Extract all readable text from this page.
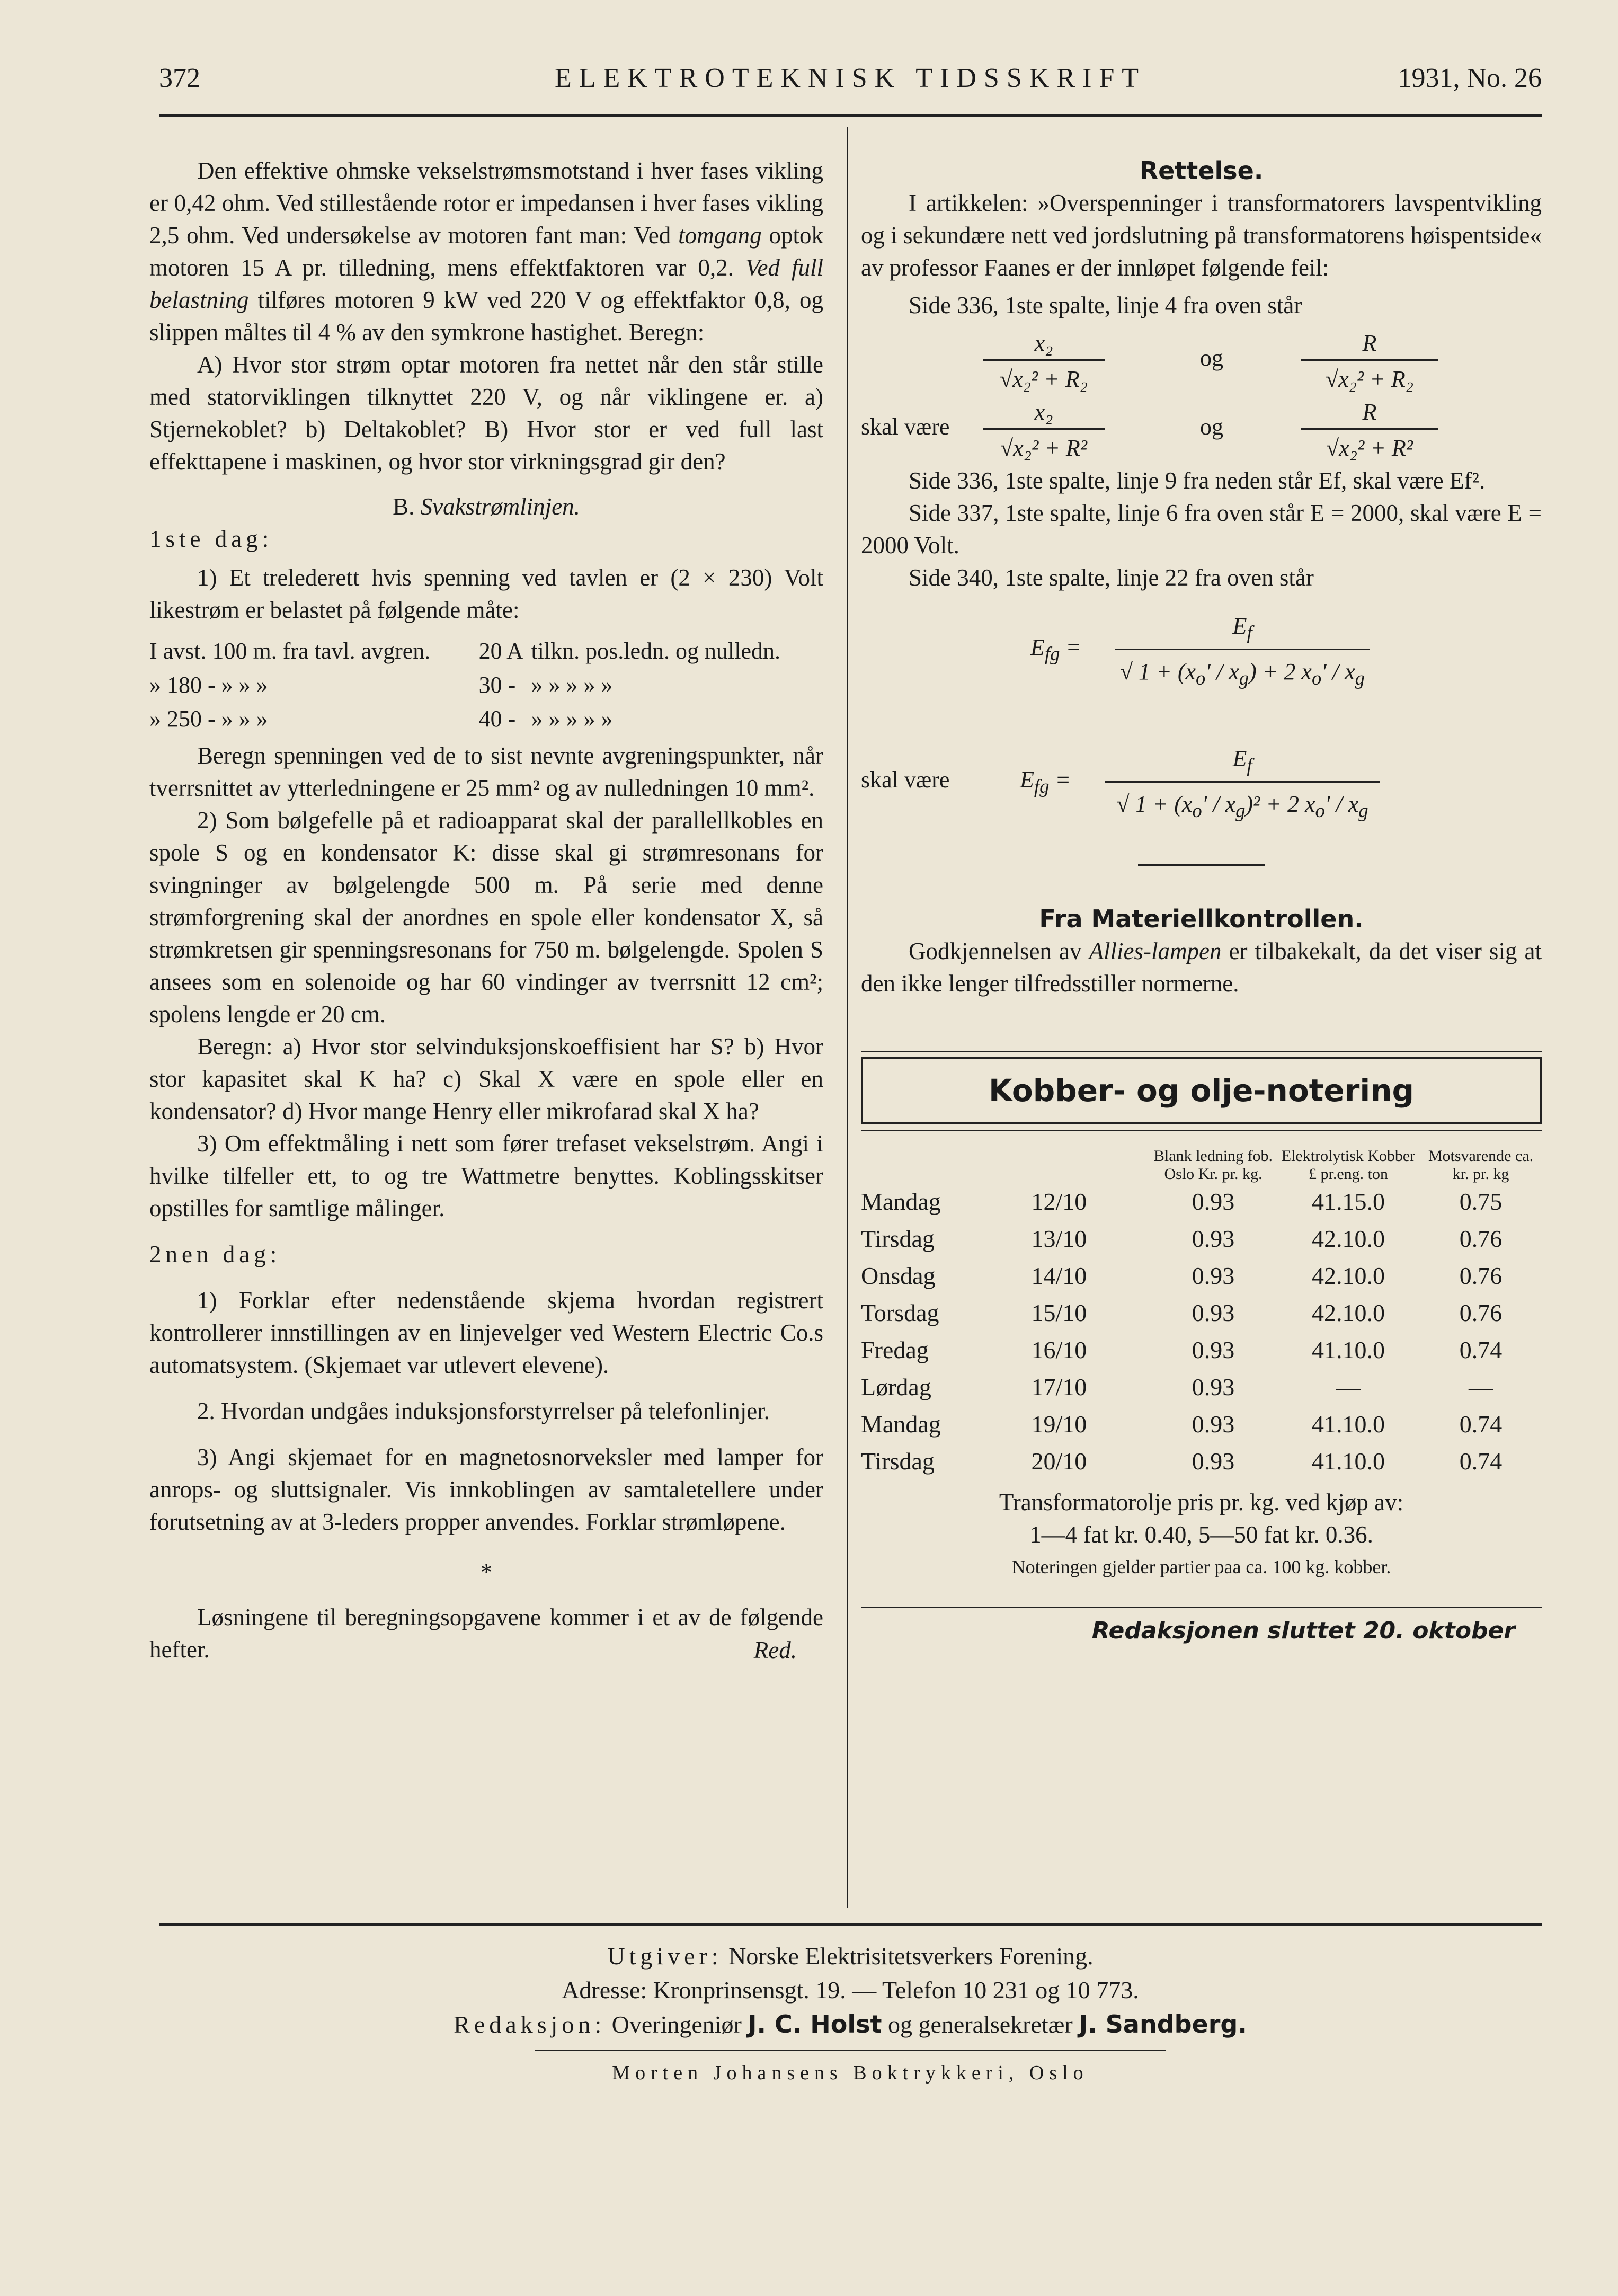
372	ELEKTROTEKNISK TIDSSKRIFT	1931, No. 26

Den effektive ohmske vekselstrømsmotstand i hver fases vikling er 0,42 ohm. Ved stillestående rotor er impedansen i hver fases vikling 2,5 ohm. Ved undersøkelse av motoren fant man: Ved tomgang optok motoren 15 A pr. tilledning, mens effektfaktoren var 0,2. Ved full belastning tilføres motoren 9 kW ved 220 V og effektfaktor 0,8, og slippen måltes til 4 % av den symkrone hastighet. Beregn:

A) Hvor stor strøm optar motoren fra nettet når den står stille med statorviklingen tilknyttet 220 V, og når viklingene er. a) Stjernekoblet? b) Deltakoblet? B) Hvor stor er ved full last effekttapene i maskinen, og hvor stor virkningsgrad gir den?

B. Svakstrømlinjen.

1ste dag:

1) Et trelederett hvis spenning ved tavlen er (2 × 230) Volt likestrøm er belastet på følgende måte:

I avst. 100 m. fra tavl. avgren.	20 A	tilkn. pos.ledn. og nulledn.
» 180 - » » »	30 -	» » » » »
» 250 - » » »	40 -	» » » » »

Beregn spenningen ved de to sist nevnte avgreningspunkter, når tverrsnittet av ytterledningene er 25 mm² og av nulledningen 10 mm².

2) Som bølgefelle på et radioapparat skal der parallellkobles en spole S og en kondensator K: disse skal gi strømresonans for svingninger av bølgelengde 500 m. På serie med denne strømforgrening skal der anordnes en spole eller kondensator X, så strømkretsen gir spenningsresonans for 750 m. bølgelengde. Spolen S ansees som en solenoide og har 60 vindinger av tverrsnitt 12 cm²; spolens lengde er 20 cm.

Beregn: a) Hvor stor selvinduksjonskoeffisient har S? b) Hvor stor kapasitet skal K ha? c) Skal X være en spole eller en kondensator? d) Hvor mange Henry eller mikrofarad skal X ha?

3) Om effektmåling i nett som fører trefaset vekselstrøm. Angi i hvilke tilfeller ett, to og tre Wattmetre benyttes. Koblingsskitser opstilles for samtlige målinger.

2nen dag:

1) Forklar efter nedenstående skjema hvordan registrert kontrollerer innstillingen av en linjevelger ved Western Electric Co.s automatsystem. (Skjemaet var utlevert elevene).

2. Hvordan undgåes induksjonsforstyrrelser på telefonlinjer.

3) Angi skjemaet for en magnetosnorveksler med lamper for anrops- og sluttsignaler. Vis innkoblingen av samtaletellere under forutsetning av at 3-leders propper anvendes. Forklar strømløpene.

*

Løsningene til beregningsopgavene kommer i et av de følgende hefter.	Red.

Rettelse.

I artikkelen: »Overspenninger i transformatorers lavspentvikling og i sekundære nett ved jordslutning på transformatorens høispentside« av professor Faanes er der innløpet følgende feil:

Side 336, 1ste spalte, linje 4 fra oven står

$\frac{\text{x₂}}{\text{√x₂² + R₂}}$	og	$\frac{R}{\text{√x₂² + R₂}}$
skal være $\frac{\text{x₂}}{\text{√x₂² + R²}}$	og	$\frac{R}{\text{√x₂² + R²}}$

Side 336, 1ste spalte, linje 9 fra neden står Ef, skal være Ef².

Side 337, 1ste spalte, linje 6 fra oven står E = 2000, skal være E = 2000 Volt.

Side 340, 1ste spalte, linje 22 fra oven står

$E_{fg} = \frac{E_f}{√ 1 + (x_o' / x_g) + 2 x_o' / x_g}$
skal være	$E_{fg} = \frac{E_f}{√ 1 + (x_o' / x_g)^2 + 2 x_o' / x_g}$

Fra Materiellkontrollen.

Godkjennelsen av Allies-lampen er tilbakekalt, da det viser sig at den ikke lenger tilfredsstiller normerne.

Kobber- og olje-notering
		Blank ledning fob. Oslo Kr. pr. kg.	Elektrolytisk Kobber £ pr.eng. ton	Motsvarende ca. kr. pr. kg
Mandag	12/10	0.93	41.15.0	0.75
Tirsdag	13/10	0.93	42.10.0	0.76
Onsdag	14/10	0.93	42.10.0	0.76
Torsdag	15/10	0.93	42.10.0	0.76
Fredag	16/10	0.93	41.10.0	0.74
Lørdag	17/10	0.93	—	—
Mandag	19/10	0.93	41.10.0	0.74
Tirsdag	20/10	0.93	41.10.0	0.74

Transformatorolje pris pr. kg. ved kjøp av:

1—4 fat kr. 0.40, 5—50 fat kr. 0.36.

Noteringen gjelder partier paa ca. 100 kg. kobber.

Redaksjonen sluttet 20. oktober

Utgiver: Norske Elektrisitetsverkers Forening.
Adresse: Kronprinsensgt. 19. — Telefon 10 231 og 10 773.
Redaksjon: Overingeniør J. C. Holst og generalsekretær J. Sandberg.
Morten Johansens Boktrykkeri, Oslo
